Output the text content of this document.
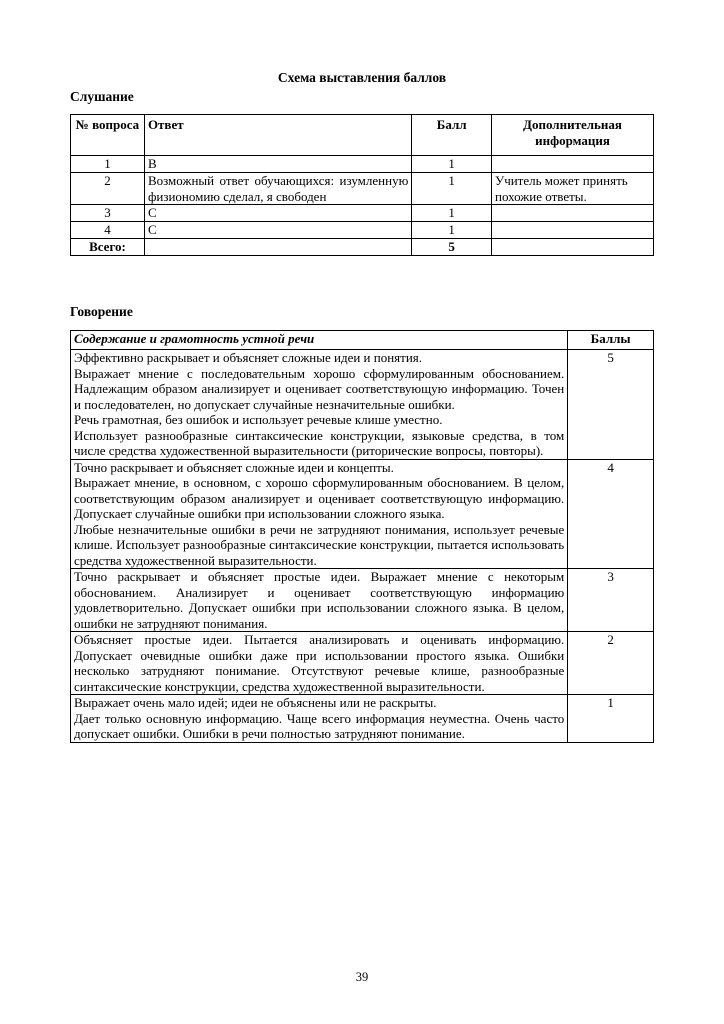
Схема выставления баллов
Слушание
№ вопроса	Ответ	Балл	Дополнительная информация
1	B	1	
2	Возможный ответ обучающихся: изумленную физиономию сделал, я свободен	1	Учитель может принять похожие ответы.
3	C	1	
4	C	1	
Всего:		5	
Говорение
Содержание и грамотность устной речи	Баллы

Эффективно раскрывает и объясняет сложные идеи и понятия.
Выражает мнение с последовательным хорошо сформулированным обоснованием. Надлежащим образом анализирует и оценивает соответствующую информацию. Точен и последователен, но допускает случайные незначительные ошибки.
Речь грамотная, без ошибок и использует речевые клише уместно.
Использует разнообразные синтаксические конструкции, языковые средства, в том числе средства художественной выразительности (риторические вопросы, повторы).	5

Точно раскрывает и объясняет сложные идеи и концепты.
Выражает мнение, в основном, с хорошо сформулированным обоснованием. В целом, соответствующим образом анализирует и оценивает соответствующую информацию. Допускает случайные ошибки при использовании сложного языка.
Любые незначительные ошибки в речи не затрудняют понимания, использует речевые клише. Использует разнообразные синтаксические конструкции, пытается использовать средства художественной выразительности.	4

Точно раскрывает и объясняет простые идеи. Выражает мнение с некоторым обоснованием. Анализирует и оценивает соответствующую информацию удовлетворительно. Допускает ошибки при использовании сложного языка. В целом, ошибки не затрудняют понимания.	3

Объясняет простые идеи. Пытается анализировать и оценивать информацию. Допускает очевидные ошибки даже при использовании простого языка. Ошибки несколько затрудняют понимание. Отсутствуют речевые клише, разнообразные синтаксические конструкции, средства художественной выразительности.	2

Выражает очень мало идей; идеи не объяснены или не раскрыты.
Дает только основную информацию. Чаще всего информация неуместна. Очень часто допускает ошибки. Ошибки в речи полностью затрудняют понимание.	1
39
